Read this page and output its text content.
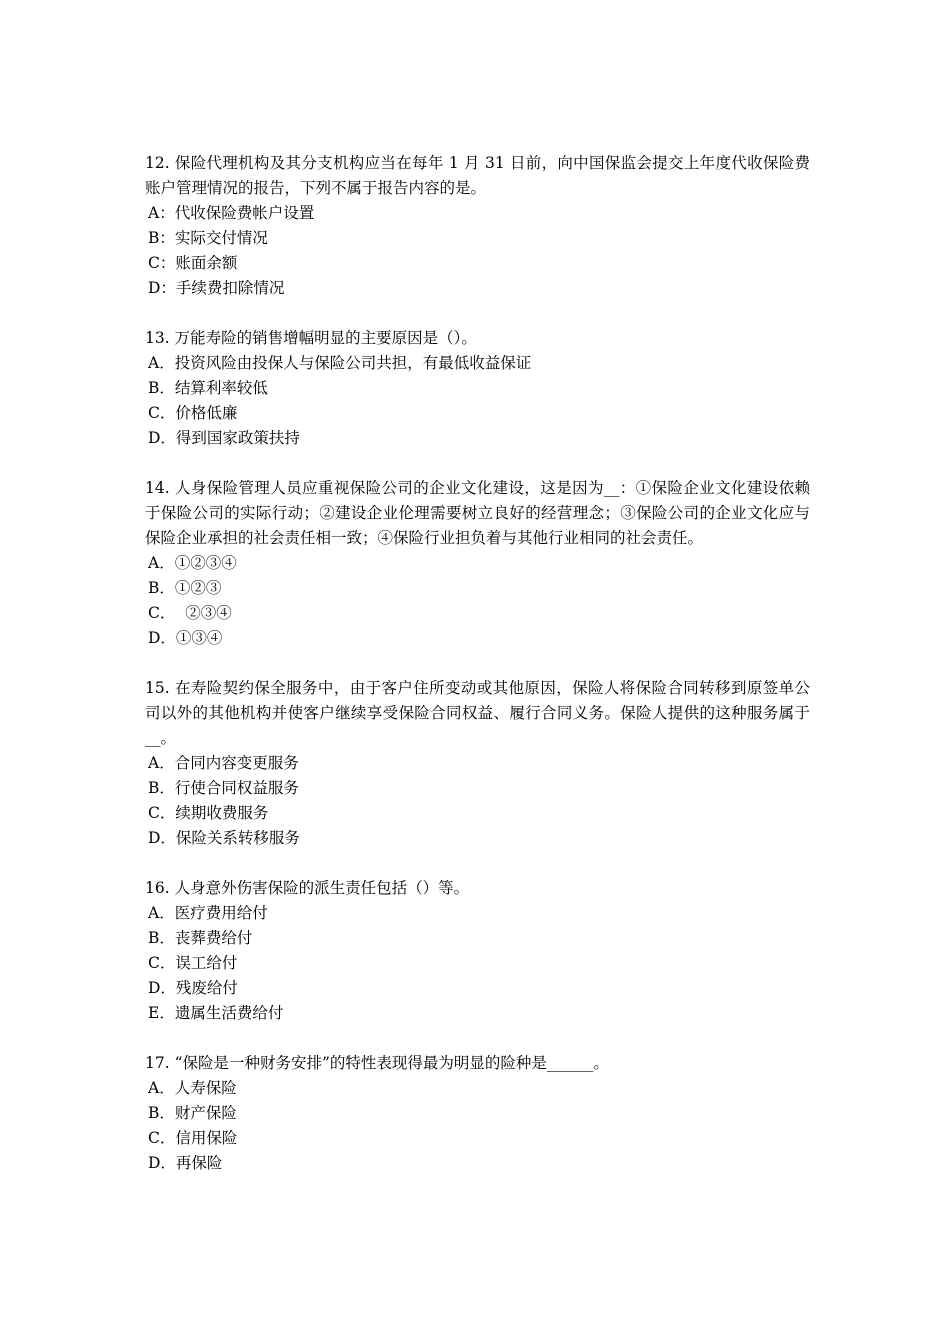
12. 保险代理机构及其分支机构应当在每年 1 月 31 日前，向中国保监会提交上年度代收保险费账户管理情况的报告，下列不属于报告内容的是。

A：代收保险费帐户设置

B：实际交付情况

C：账面余额

D：手续费扣除情况

13. 万能寿险的销售增幅明显的主要原因是（）。

A．投资风险由投保人与保险公司共担，有最低收益保证

B．结算利率较低

C．价格低廉

D．得到国家政策扶持

14. 人身保险管理人员应重视保险公司的企业文化建设，这是因为__：①保险企业文化建设依赖于保险公司的实际行动；②建设企业伦理需要树立良好的经营理念；③保险公司的企业文化应与保险企业承担的社会责任相一致；④保险行业担负着与其他行业相同的社会责任。

A．①②③④

B．①②③

C．  ②③④

D．①③④

15. 在寿险契约保全服务中，由于客户住所变动或其他原因，保险人将保险合同转移到原签单公司以外的其他机构并使客户继续享受保险合同权益、履行合同义务。保险人提供的这种服务属于__。

A．合同内容变更服务

B．行使合同权益服务

C．续期收费服务

D．保险关系转移服务

16. 人身意外伤害保险的派生责任包括（）等。

A．医疗费用给付

B．丧葬费给付

C．误工给付

D．残废给付

E．遗属生活费给付

17. “保险是一种财务安排”的特性表现得最为明显的险种是______。

A．人寿保险

B．财产保险

C．信用保险

D．再保险
